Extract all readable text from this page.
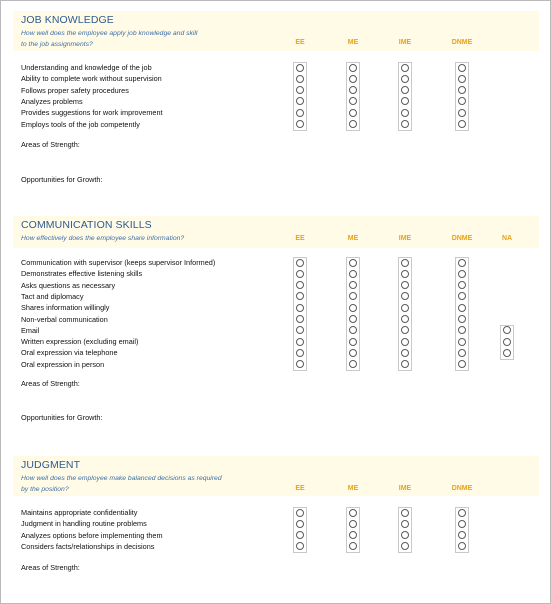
JOB KNOWLEDGE
How well does the employee apply job knowledge and skill
to the job assignments?	EE	ME	IME	DNME
Understanding and knowledge of the job
Ability to complete work without supervision
Follows proper safety procedures
Analyzes problems
Provides suggestions for work improvement
Employs tools of the job competently
Areas of Strength:
Opportunities for Growth:
COMMUNICATION SKILLS
How effectively does the employee share information?	EE	ME	IME	DNME	NA
Communication with supervisor (keeps supervisor Informed)
Demonstrates effective listening skills
Asks questions as necessary
Tact and diplomacy
Shares information willingly
Non-verbal communication
Email
Written expression (excluding email)
Oral expression via telephone
Oral expression in person
Areas of Strength:
Opportunities for Growth:
JUDGMENT
How well does the employee make balanced decisions as required
by the position?	EE	ME	IME	DNME
Maintains appropriate confidentiality
Judgment in handling routine problems
Analyzes options before implementing them
Considers facts/relationships in decisions
Areas of Strength:
